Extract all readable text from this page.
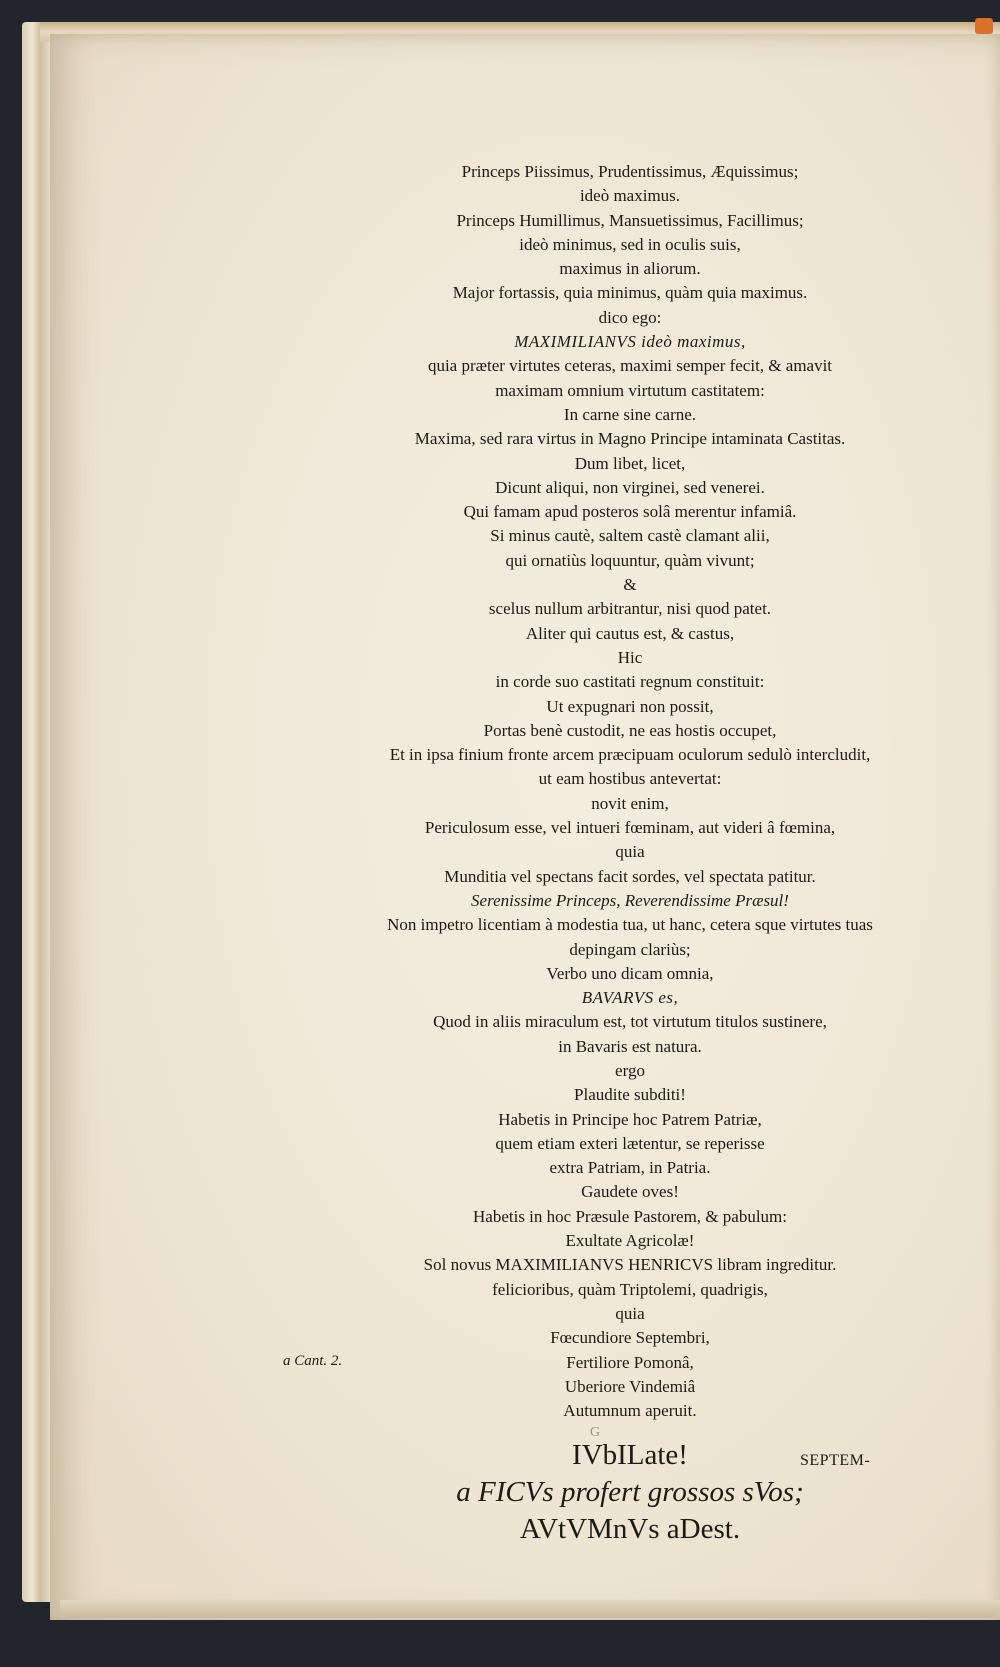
Princeps Piissimus, Prudentissimus, Æquissimus;
ideò maximus.
Princeps Humillimus, Mansuetissimus, Facillimus;
ideò minimus, sed in oculis suis,
maximus in aliorum.
Major fortassis, quia minimus, quàm quia maximus.
dico ego:
MAXIMILIANVS ideò maximus,
quia præter virtutes ceteras, maximi semper fecit, & amavit
maximam omnium virtutum castitatem:
In carne sine carne.
Maxima, sed rara virtus in Magno Principe intaminata Castitas.
Dum libet, licet,
Dicunt aliqui, non virginei, sed venerei.
Qui famam apud posteros solâ merentur infamiâ.
Si minus cautè, saltem castè clamant alii,
qui ornatiùs loquuntur, quàm vivunt;
&
scelus nullum arbitrantur, nisi quod patet.
Aliter qui cautus est, & castus,
Hic
in corde suo castitati regnum constituit:
Ut expugnari non possit,
Portas benè custodit, ne eas hostis occupet,
Et in ipsa finium fronte arcem præcipuam oculorum sedulò intercludit,
ut eam hostibus antevertat:
novit enim,
Periculosum esse, vel intueri fœminam, aut videri â fœmina,
quia
Munditia vel spectans facit sordes, vel spectata patitur.
Serenissime Princeps, Reverendissime Præsul!
Non impetro licentiam à modestia tua, ut hanc, cetera sque virtutes tuas
depingam clariùs;
Verbo uno dicam omnia,
BAVARVS es,
Quod in aliis miraculum est, tot virtutum titulos sustinere,
in Bavaris est natura.
ergo
Plaudite subditi!
Habetis in Principe hoc Patrem Patriæ,
quem etiam exteri lætentur, se reperisse
extra Patriam, in Patria.
Gaudete oves!
Habetis in hoc Præsule Pastorem, & pabulum:
Exultate Agricolæ!
Sol novus MAXIMILIANVS HENRICVS libram ingreditur.
felicioribus, quàm Triptolemi, quadrigis,
quia
Fœcundiore Septembri,
Fertiliore Pomonâ,
Uberiore Vindemiâ
Autumnum aperuit.
IVbILate!
a FICVs profert grossos sVos;
AVtVMnVs aDest.
a Cant. 2.
G
SEPTEM-
